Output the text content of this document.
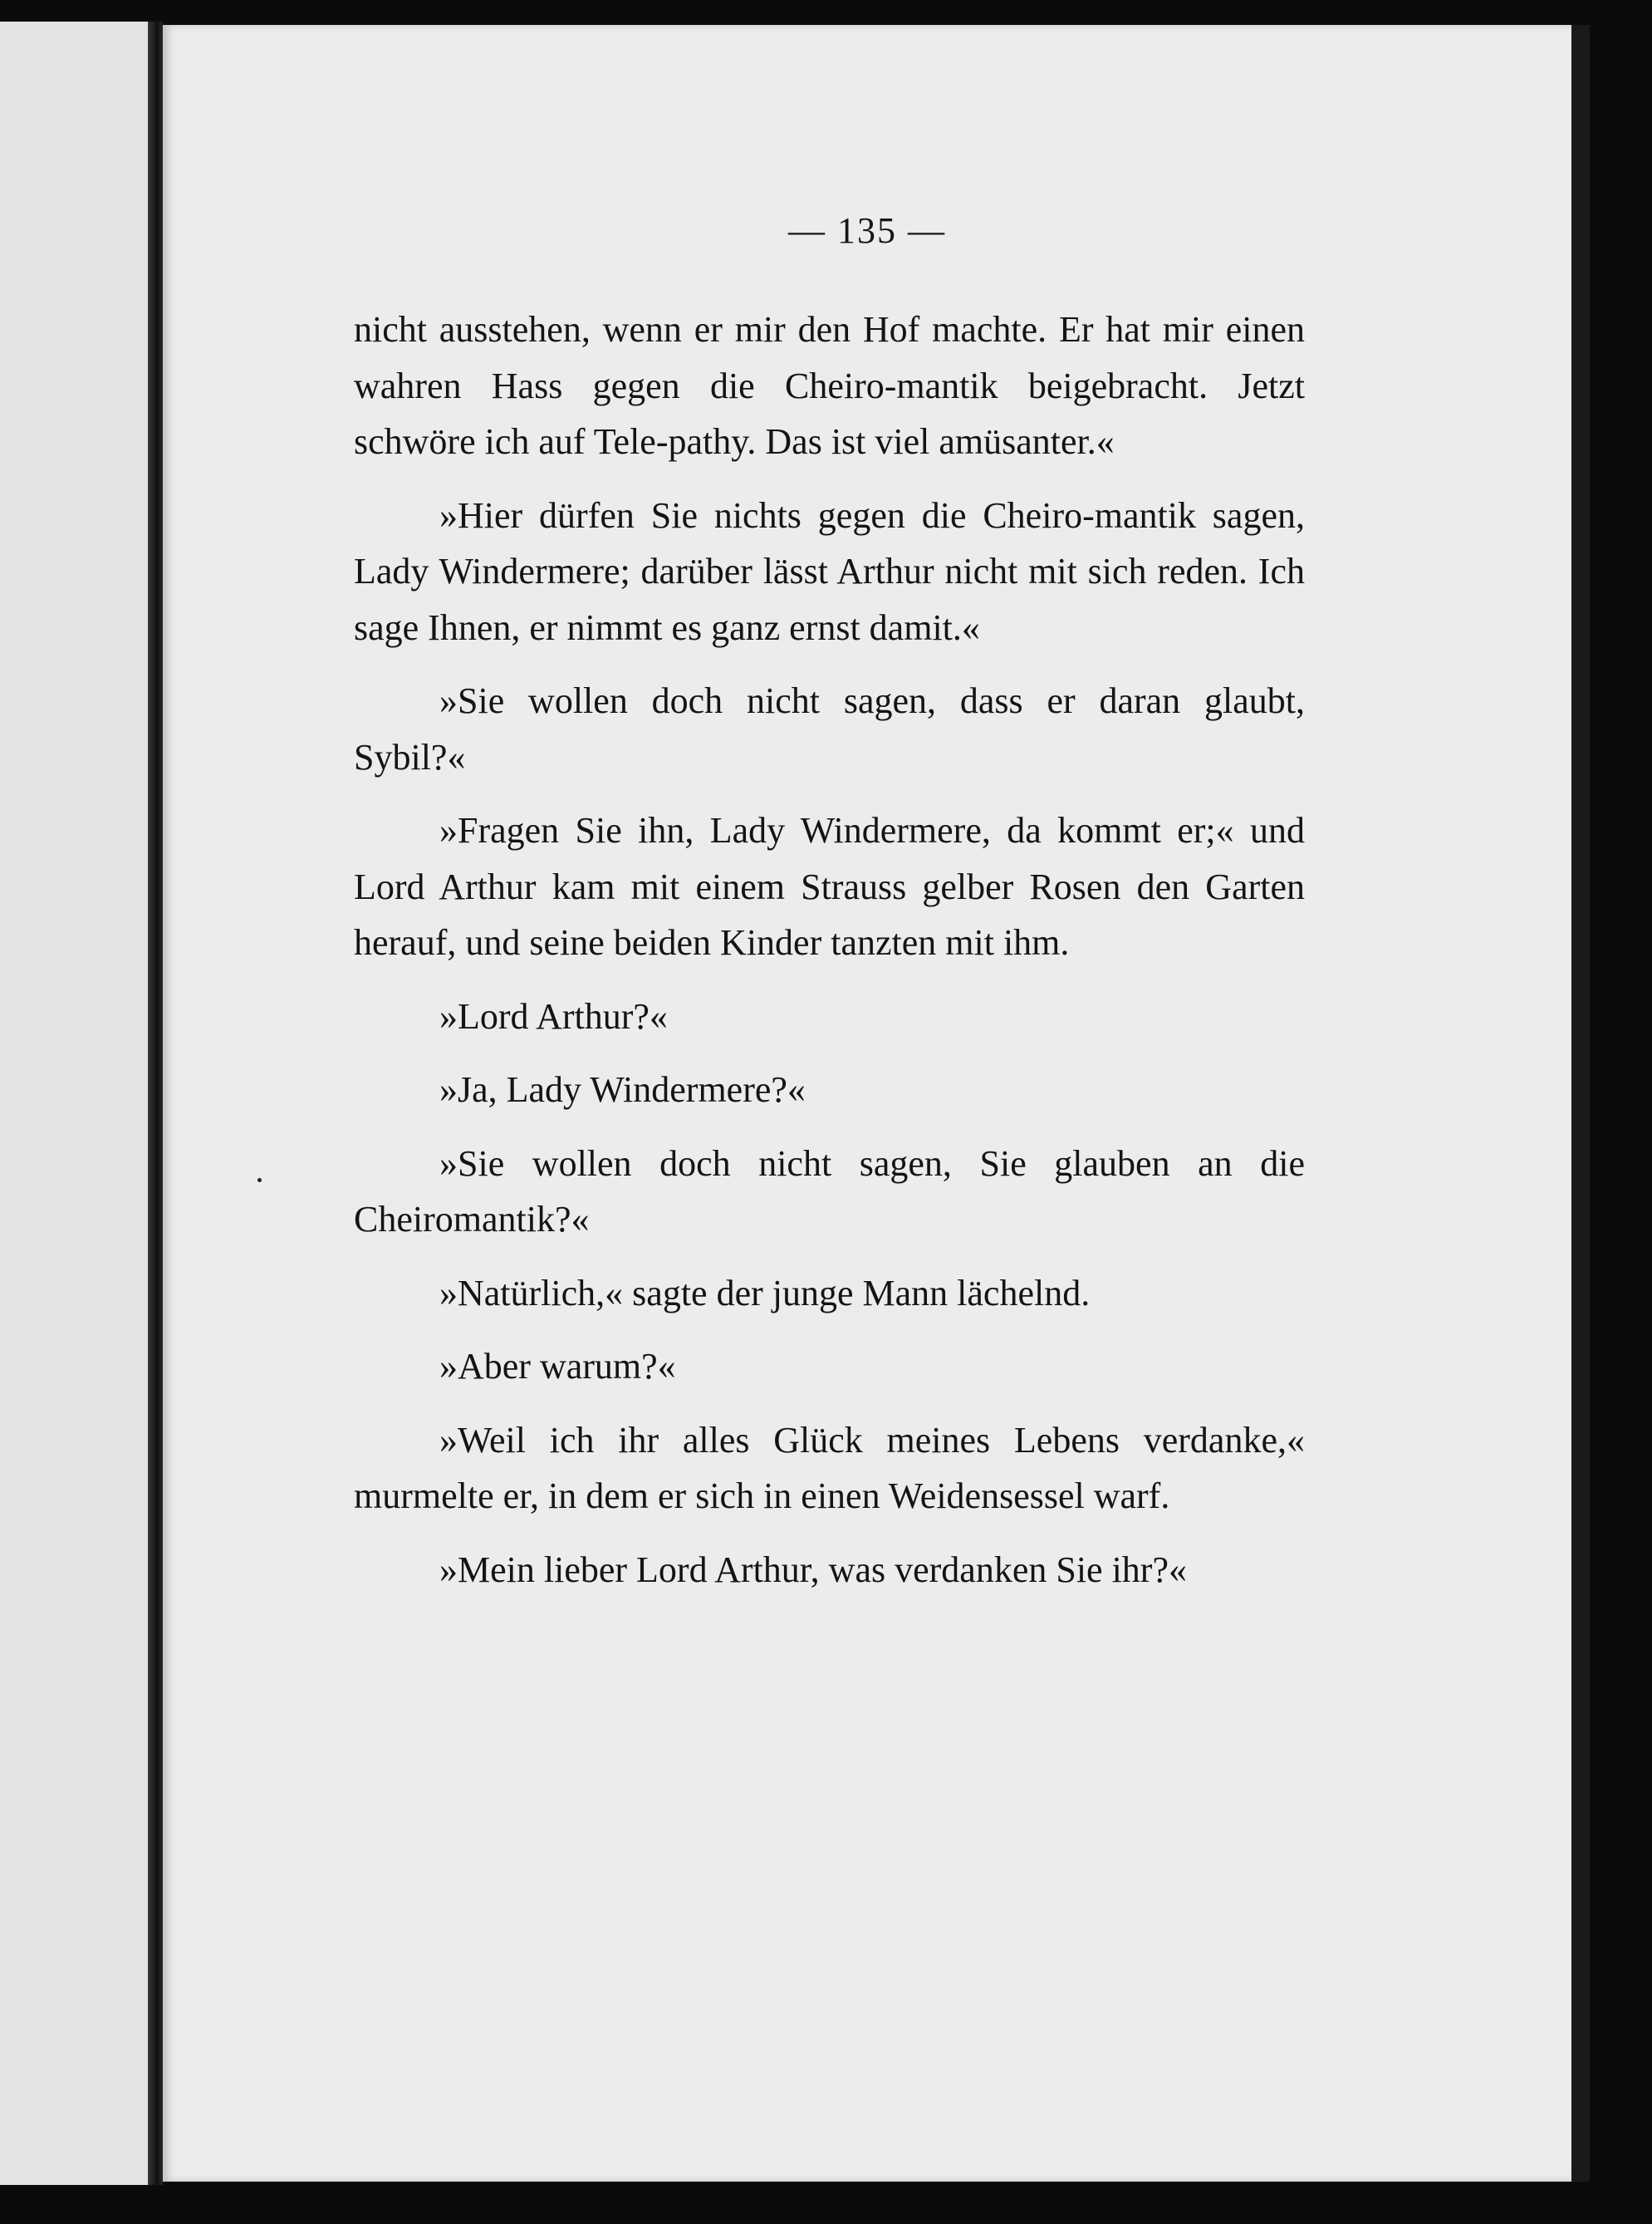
— 135 —

nicht ausstehen, wenn er mir den Hof machte. Er hat mir einen wahren Hass gegen die Cheiro-mantik beigebracht. Jetzt schwöre ich auf Tele-pathy. Das ist viel amüsanter.«

»Hier dürfen Sie nichts gegen die Cheiro-mantik sagen, Lady Windermere; darüber lässt Arthur nicht mit sich reden. Ich sage Ihnen, er nimmt es ganz ernst damit.«

»Sie wollen doch nicht sagen, dass er daran glaubt, Sybil?«

»Fragen Sie ihn, Lady Windermere, da kommt er;« und Lord Arthur kam mit einem Strauss gelber Rosen den Garten herauf, und seine beiden Kinder tanzten mit ihm.

»Lord Arthur?«

»Ja, Lady Windermere?«

»Sie wollen doch nicht sagen, Sie glauben an die Cheiromantik?«

»Natürlich,« sagte der junge Mann lächelnd.

»Aber warum?«

»Weil ich ihr alles Glück meines Lebens verdanke,« murmelte er, in dem er sich in einen Weidensessel warf.

»Mein lieber Lord Arthur, was verdanken Sie ihr?«
